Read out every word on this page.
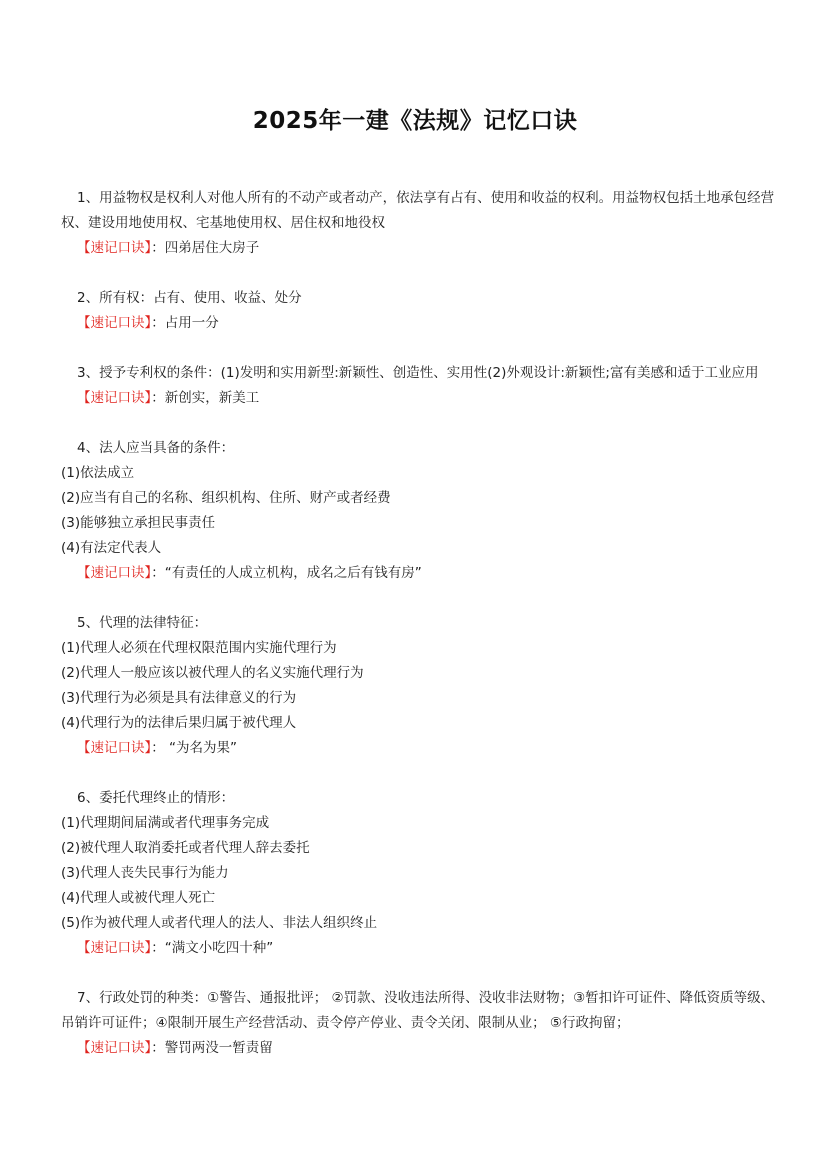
2025年一建《法规》记忆口诀
1、用益物权是权利人对他人所有的不动产或者动产，依法享有占有、使用和收益的权利。用益物权包括土地承包经营权、建设用地使用权、宅基地使用权、居住权和地役权
【速记口诀】：四弟居住大房子
2、所有权：占有、使用、收益、处分
【速记口诀】：占用一分
3、授予专利权的条件：(1)发明和实用新型:新颖性、创造性、实用性(2)外观设计:新颖性;富有美感和适于工业应用
【速记口诀】：新创实，新美工
4、法人应当具备的条件：
(1)依法成立
(2)应当有自己的名称、组织机构、住所、财产或者经费
(3)能够独立承担民事责任
(4)有法定代表人
【速记口诀】：“有责任的人成立机构，成名之后有钱有房”
5、代理的法律特征：
(1)代理人必须在代理权限范围内实施代理行为
(2)代理人一般应该以被代理人的名义实施代理行为
(3)代理行为必须是具有法律意义的行为
(4)代理行为的法律后果归属于被代理人
【速记口诀】： “为名为果”
6、委托代理终止的情形：
(1)代理期间届满或者代理事务完成
(2)被代理人取消委托或者代理人辞去委托
(3)代理人丧失民事行为能力
(4)代理人或被代理人死亡
(5)作为被代理人或者代理人的法人、非法人组织终止
【速记口诀】：“满文小吃四十种”
7、行政处罚的种类：①警告、通报批评； ②罚款、没收违法所得、没收非法财物；③暂扣许可证件、降低资质等级、吊销许可证件；④限制开展生产经营活动、责令停产停业、责令关闭、限制从业； ⑤行政拘留；
【速记口诀】：警罚两没一暂责留
